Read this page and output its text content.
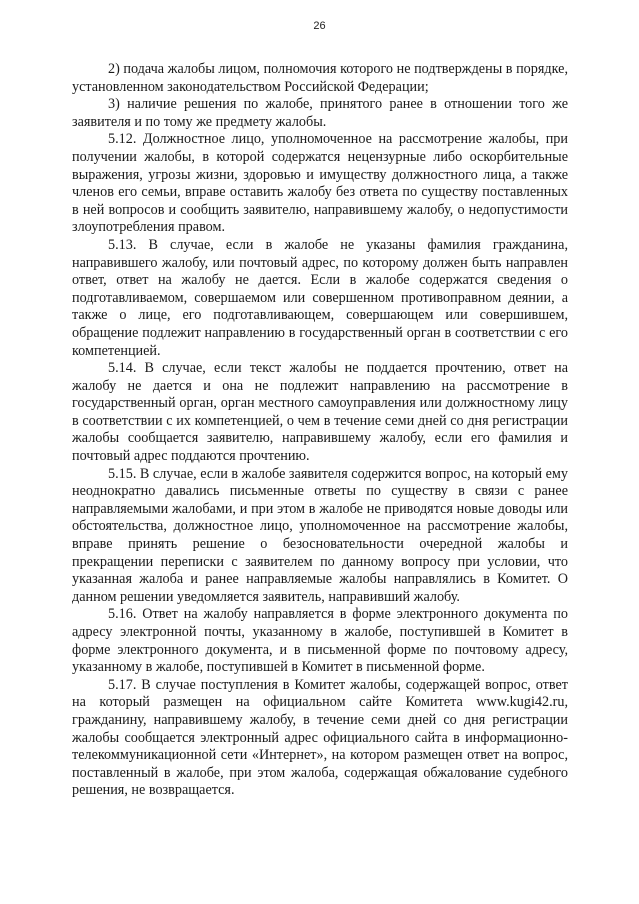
26

2) подача жалобы лицом, полномочия которого не подтверждены в порядке, установленном законодательством Российской Федерации;

3) наличие решения по жалобе, принятого ранее в отношении того же заявителя и по тому же предмету жалобы.

5.12. Должностное лицо, уполномоченное на рассмотрение жалобы, при получении жалобы, в которой содержатся нецензурные либо оскорбительные выражения, угрозы жизни, здоровью и имуществу должностного лица, а также членов его семьи, вправе оставить жалобу без ответа по существу поставленных в ней вопросов и сообщить заявителю, направившему жалобу, о недопустимости злоупотребления правом.

5.13. В случае, если в жалобе не указаны фамилия гражданина, направившего жалобу, или почтовый адрес, по которому должен быть направлен ответ, ответ на жалобу не дается. Если в жалобе содержатся сведения о подготавливаемом, совершаемом или совершенном противоправном деянии, а также о лице, его подготавливающем, совершающем или совершившем, обращение подлежит направлению в государственный орган в соответствии с его компетенцией.

5.14. В случае, если текст жалобы не поддается прочтению, ответ на жалобу не дается и она не подлежит направлению на рассмотрение в государственный орган, орган местного самоуправления или должностному лицу в соответствии с их компетенцией, о чем в течение семи дней со дня регистрации жалобы сообщается заявителю, направившему жалобу, если его фамилия и почтовый адрес поддаются прочтению.

5.15. В случае, если в жалобе заявителя содержится вопрос, на который ему неоднократно давались письменные ответы по существу в связи с ранее направляемыми жалобами, и при этом в жалобе не приводятся новые доводы или обстоятельства, должностное лицо, уполномоченное на рассмотрение жалобы, вправе принять решение о безосновательности очередной жалобы и прекращении переписки с заявителем по данному вопросу при условии, что указанная жалоба и ранее направляемые жалобы направлялись в Комитет. О данном решении уведомляется заявитель, направивший жалобу.

5.16. Ответ на жалобу направляется в форме электронного документа по адресу электронной почты, указанному в жалобе, поступившей в Комитет в форме электронного документа, и в письменной форме по почтовому адресу, указанному в жалобе, поступившей в Комитет в письменной форме.

5.17. В случае поступления в Комитет жалобы, содержащей вопрос, ответ на который размещен на официальном сайте Комитета www.kugi42.ru, гражданину, направившему жалобу, в течение семи дней со дня регистрации жалобы сообщается электронный адрес официального сайта в информационно-телекоммуникационной сети «Интернет», на котором размещен ответ на вопрос, поставленный в жалобе, при этом жалоба, содержащая обжалование судебного решения, не возвращается.
